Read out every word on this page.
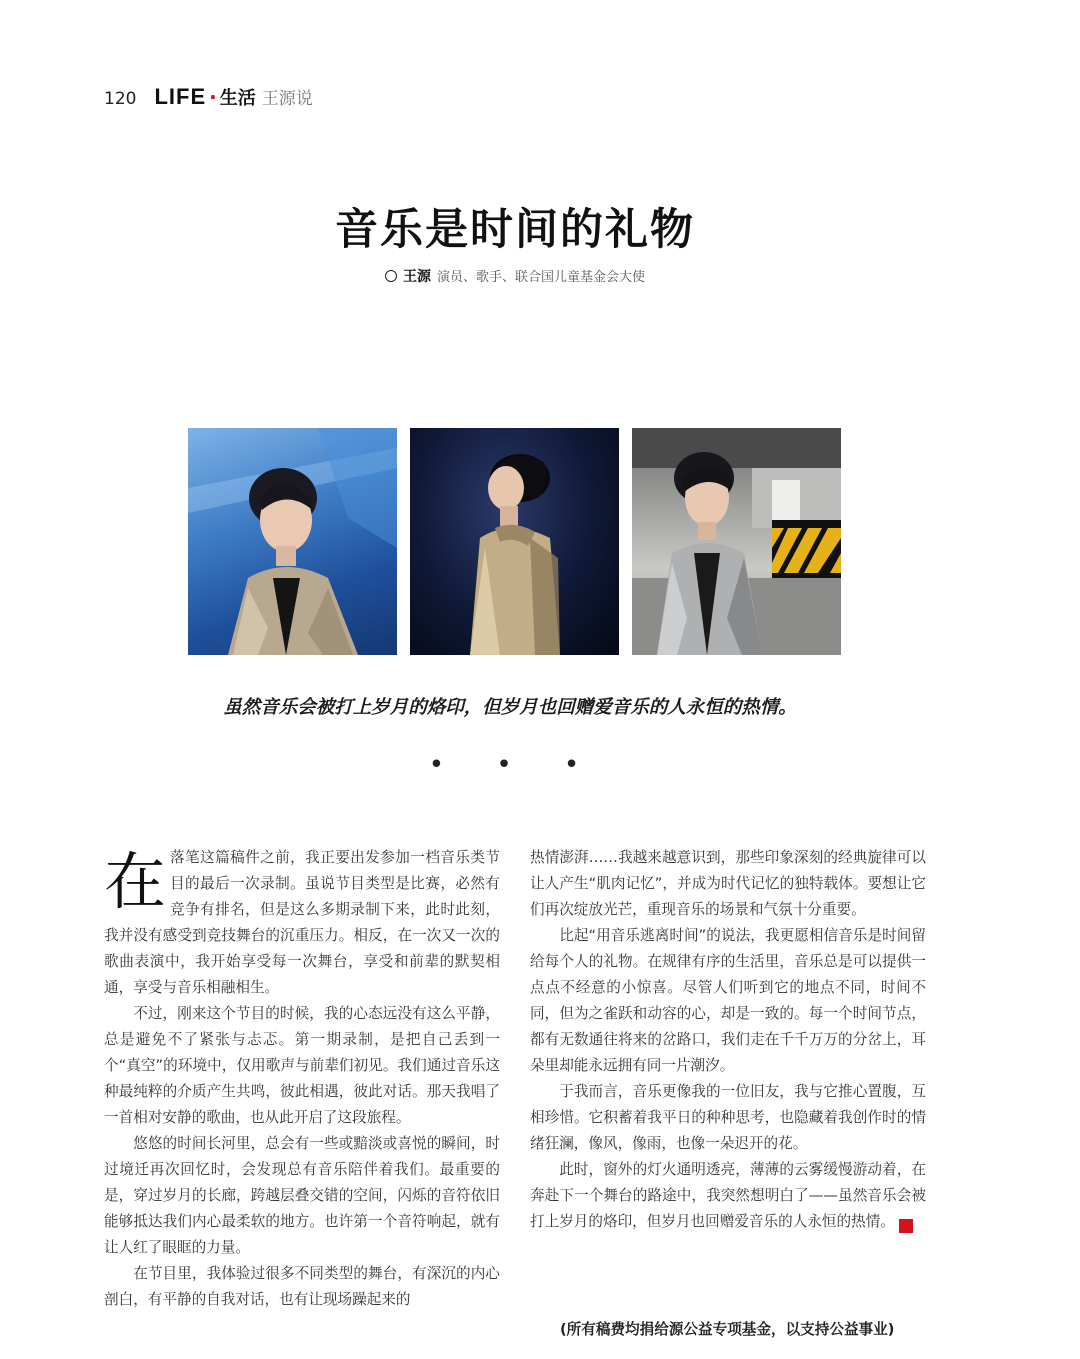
120 LIFE · 生活 王源说
音乐是时间的礼物
王源 演员、歌手、联合国儿童基金会大使
虽然音乐会被打上岁月的烙印，但岁月也回赠爱音乐的人永恒的热情。
• • •

在落笔这篇稿件之前，我正要出发参加一档音乐类节目的最后一次录制。虽说节目类型是比赛，必然有竞争有排名，但是这么多期录制下来，此时此刻，我并没有感受到竞技舞台的沉重压力。相反，在一次又一次的歌曲表演中，我开始享受每一次舞台，享受和前辈的默契相通，享受与音乐相融相生。

不过，刚来这个节目的时候，我的心态远没有这么平静，总是避免不了紧张与忐忑。第一期录制，是把自己丢到一个“真空”的环境中，仅用歌声与前辈们初见。我们通过音乐这种最纯粹的介质产生共鸣，彼此相遇，彼此对话。那天我唱了一首相对安静的歌曲，也从此开启了这段旅程。

悠悠的时间长河里，总会有一些或黯淡或喜悦的瞬间，时过境迁再次回忆时，会发现总有音乐陪伴着我们。最重要的是，穿过岁月的长廊，跨越层叠交错的空间，闪烁的音符依旧能够抵达我们内心最柔软的地方。也许第一个音符响起，就有让人红了眼眶的力量。

在节目里，我体验过很多不同类型的舞台，有深沉的内心剖白，有平静的自我对话，也有让现场躁起来的

热情澎湃……我越来越意识到，那些印象深刻的经典旋律可以让人产生“肌肉记忆”，并成为时代记忆的独特载体。要想让它们再次绽放光芒，重现音乐的场景和气氛十分重要。

比起“用音乐逃离时间”的说法，我更愿相信音乐是时间留给每个人的礼物。在规律有序的生活里，音乐总是可以提供一点点不经意的小惊喜。尽管人们听到它的地点不同，时间不同，但为之雀跃和动容的心，却是一致的。每一个时间节点，都有无数通往将来的岔路口，我们走在千千万万的分岔上，耳朵里却能永远拥有同一片潮汐。

于我而言，音乐更像我的一位旧友，我与它推心置腹，互相珍惜。它积蓄着我平日的种种思考，也隐藏着我创作时的情绪狂澜，像风，像雨，也像一朵迟开的花。

此时，窗外的灯火通明透亮，薄薄的云雾缓慢游动着，在奔赴下一个舞台的路途中，我突然想明白了——虽然音乐会被打上岁月的烙印，但岁月也回赠爱音乐的人永恒的热情。	G

(所有稿费均捐给源公益专项基金，以支持公益事业)
